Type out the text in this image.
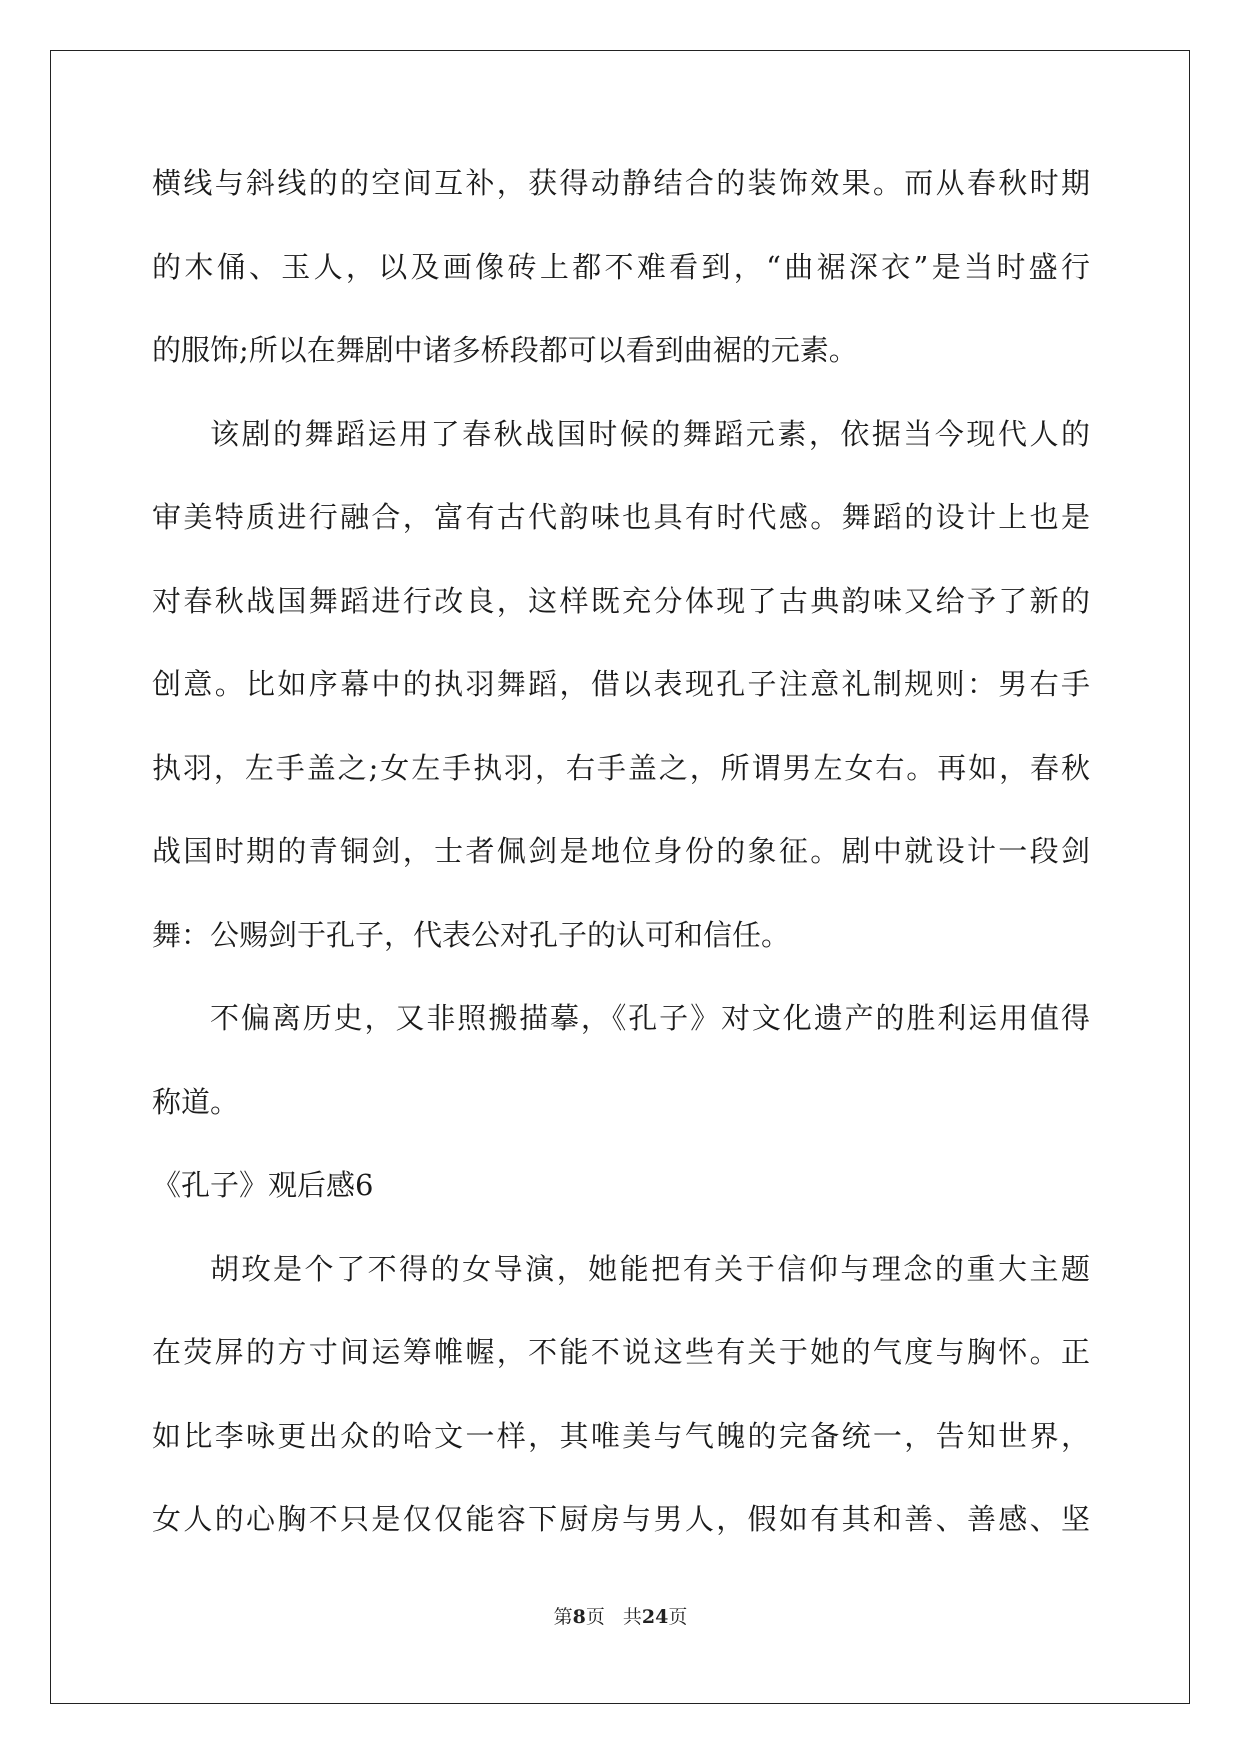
横线与斜线的的空间互补，获得动静结合的装饰效果。而从春秋时期
的木俑、玉人，以及画像砖上都不难看到，“曲裾深衣”是当时盛行
的服饰;所以在舞剧中诸多桥段都可以看到曲裾的元素。
该剧的舞蹈运用了春秋战国时候的舞蹈元素，依据当今现代人的
审美特质进行融合，富有古代韵味也具有时代感。舞蹈的设计上也是
对春秋战国舞蹈进行改良，这样既充分体现了古典韵味又给予了新的
创意。比如序幕中的执羽舞蹈，借以表现孔子注意礼制规则：男右手
执羽，左手盖之;女左手执羽，右手盖之，所谓男左女右。再如，春秋
战国时期的青铜剑，士者佩剑是地位身份的象征。剧中就设计一段剑
舞：公赐剑于孔子，代表公对孔子的认可和信任。
不偏离历史，又非照搬描摹，《孔子》对文化遗产的胜利运用值得
称道。
《孔子》观后感6
胡玫是个了不得的女导演，她能把有关于信仰与理念的重大主题
在荧屏的方寸间运筹帷幄，不能不说这些有关于她的气度与胸怀。正
如比李咏更出众的哈文一样，其唯美与气魄的完备统一，告知世界，
女人的心胸不只是仅仅能容下厨房与男人，假如有其和善、善感、坚
第8页 共24页
